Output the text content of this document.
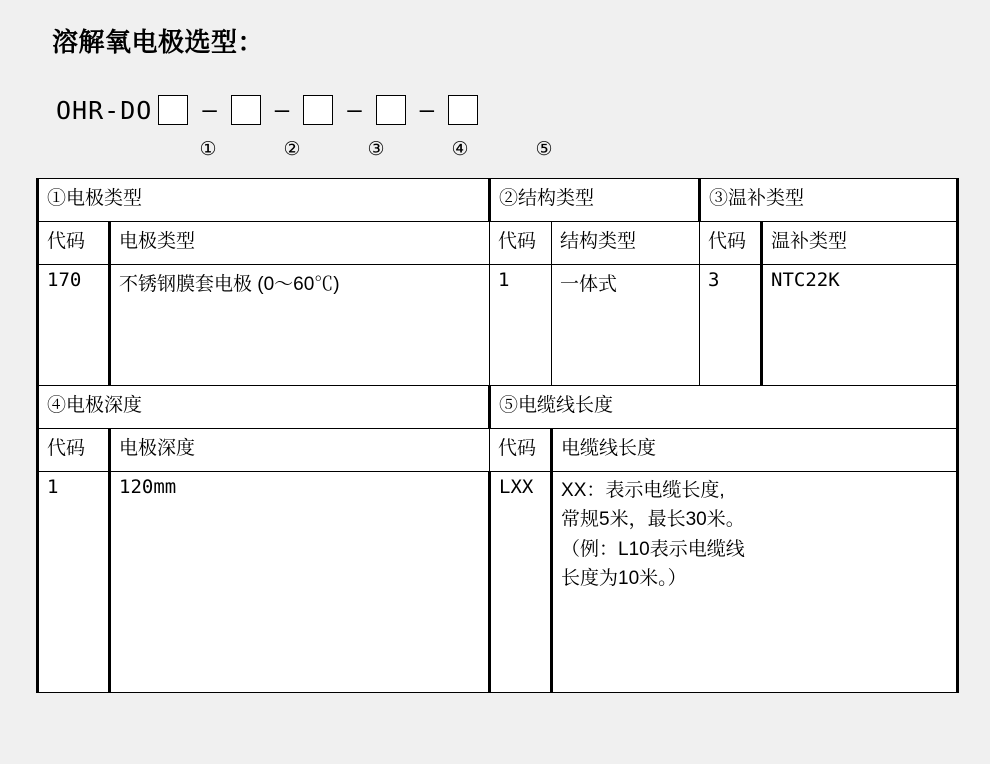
溶解氧电极选型：
OHR-DO — — — —
①	②	③	④	⑤
①电极类型		②结构类型		③温补类型	
代码	电极类型	代码	结构类型	代码	温补类型
170	不锈钢膜套电极 (0～60℃)	1	一体式	3	NTC22K
④电极深度		⑤电缆线长度			
代码	电极深度	代码	电缆线长度		
1	120mm	LXX	XX：表示电缆长度,
常规5米，最长30米。
（例：L10表示电缆线
长度为10米。）		
